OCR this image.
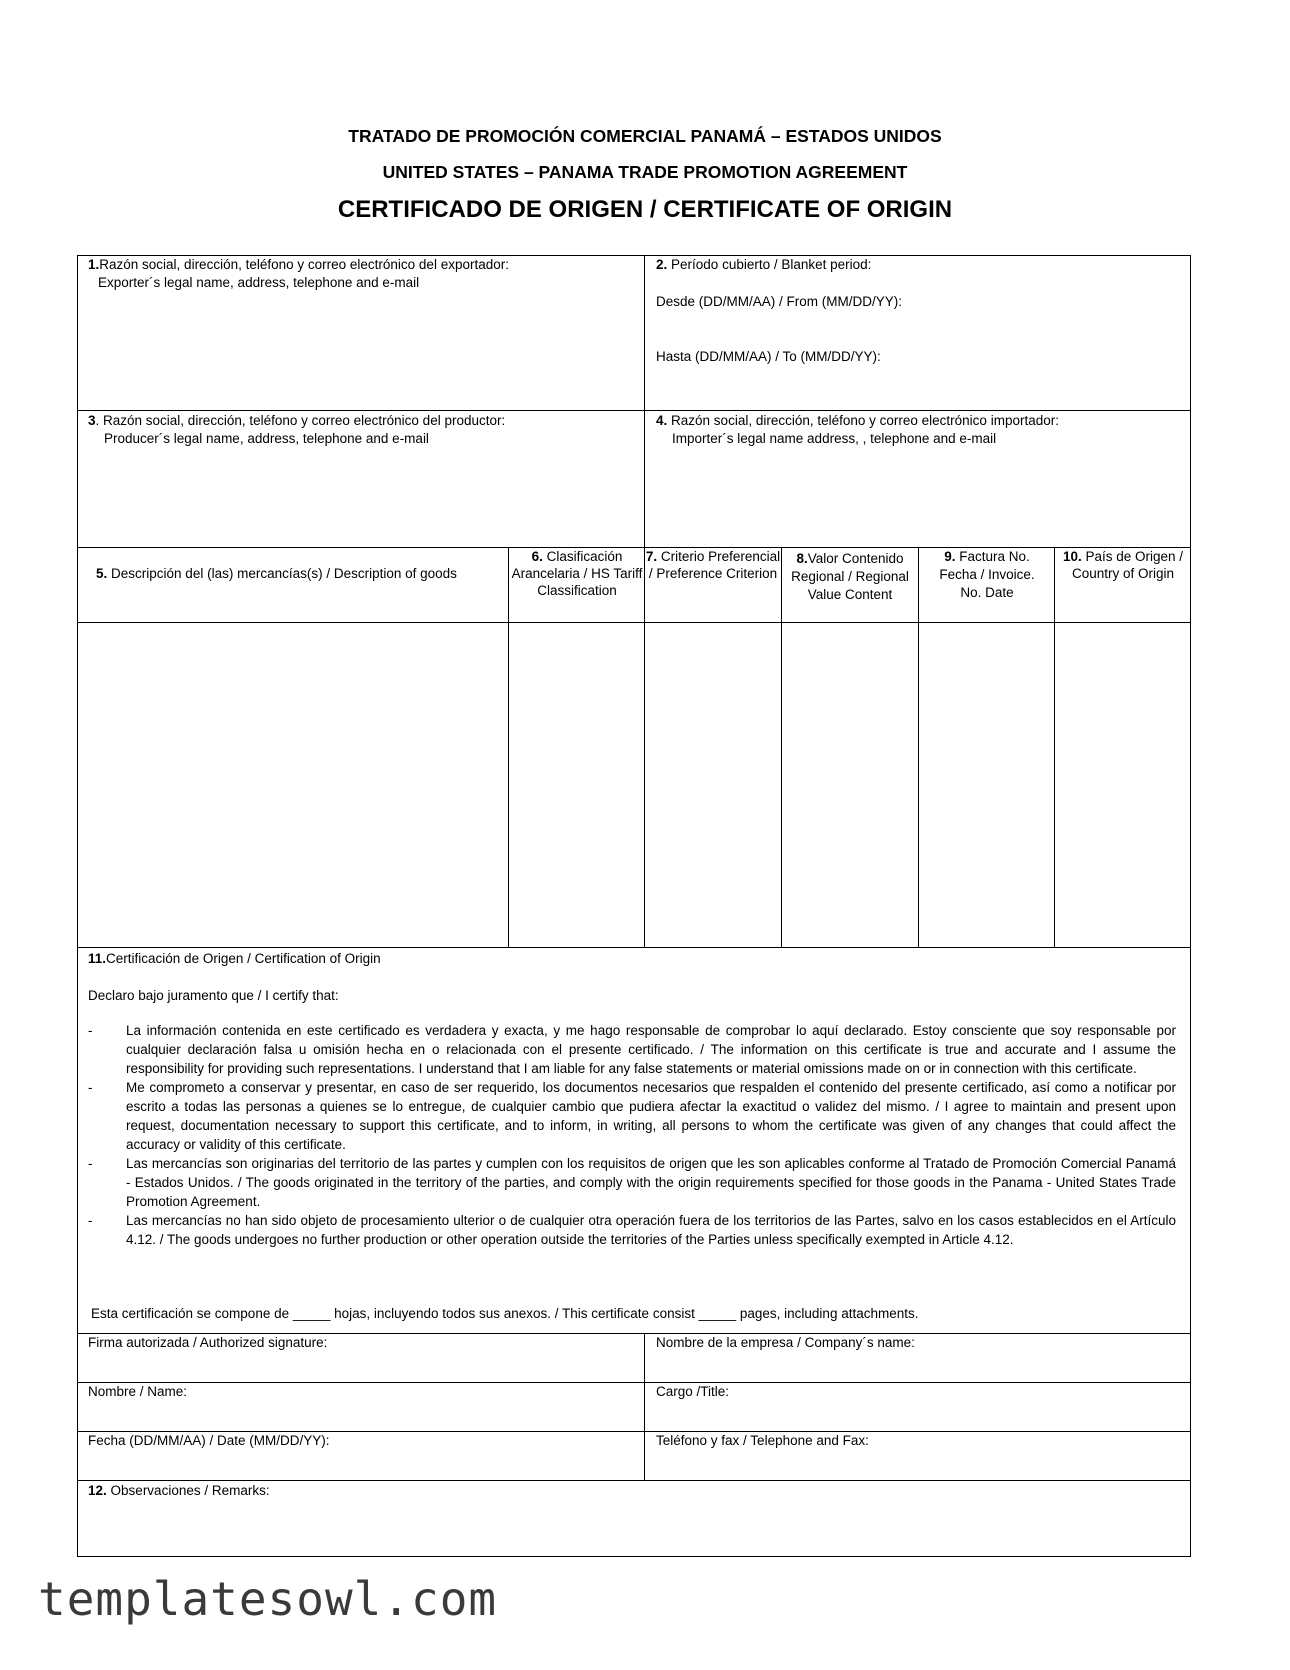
TRATADO DE PROMOCIÓN COMERCIAL PANAMÁ – ESTADOS UNIDOS
UNITED STATES – PANAMA TRADE PROMOTION AGREEMENT
CERTIFICADO DE ORIGEN / CERTIFICATE OF ORIGIN
1.Razón social, dirección, teléfono y correo electrónico del exportador:
Exporter´s legal name, address, telephone and e-mail
2. Período cubierto / Blanket period:
Desde (DD/MM/AA) / From (MM/DD/YY):
Hasta (DD/MM/AA) / To (MM/DD/YY):
3. Razón social, dirección, teléfono y correo electrónico del productor:
Producer´s legal name, address, telephone and e-mail
4. Razón social, dirección, teléfono y correo electrónico importador:
Importer´s legal name address, , telephone and e-mail
5. Descripción del (las) mercancías(s) / Description of goods
6. Clasificación Arancelaria / HS Tariff Classification
7. Criterio Preferencial / Preference Criterion
8.Valor Contenido Regional / Regional Value Content
9. Factura No. Fecha / Invoice. No. Date
10. País de Origen / Country of Origin
11.Certificación de Origen / Certification of Origin
Declaro bajo juramento que / I certify that:
- La información contenida en este certificado es verdadera y exacta, y me hago responsable de comprobar lo aquí declarado. Estoy consciente que soy responsable por cualquier declaración falsa u omisión hecha en o relacionada con el presente certificado. / The information on this certificate is true and accurate and I assume the responsibility for providing such representations. I understand that I am liable for any false statements or material omissions made on or in connection with this certificate.
- Me comprometo a conservar y presentar, en caso de ser requerido, los documentos necesarios que respalden el contenido del presente certificado, así como a notificar por escrito a todas las personas a quienes se lo entregue, de cualquier cambio que pudiera afectar la exactitud o validez del mismo. / I agree to maintain and present upon request, documentation necessary to support this certificate, and to inform, in writing, all persons to whom the certificate was given of any changes that could affect the accuracy or validity of this certificate.
- Las mercancías son originarias del territorio de las partes y cumplen con los requisitos de origen que les son aplicables conforme al Tratado de Promoción Comercial Panamá - Estados Unidos. / The goods originated in the territory of the parties, and comply with the origin requirements specified for those goods in the Panama - United States Trade Promotion Agreement.
- Las mercancías no han sido objeto de procesamiento ulterior o de cualquier otra operación fuera de los territorios de las Partes, salvo en los casos establecidos en el Artículo 4.12. / The goods undergoes no further production or other operation outside the territories of the Parties unless specifically exempted in Article 4.12.
Esta certificación se compone de _____ hojas, incluyendo todos sus anexos. / This certificate consist _____ pages, including attachments.
Firma autorizada / Authorized signature:	Nombre de la empresa / Company´s name:
Nombre / Name:	Cargo /Title:
Fecha (DD/MM/AA) / Date (MM/DD/YY):	Teléfono y fax / Telephone and Fax:
12. Observaciones / Remarks:
templatesowl.com
